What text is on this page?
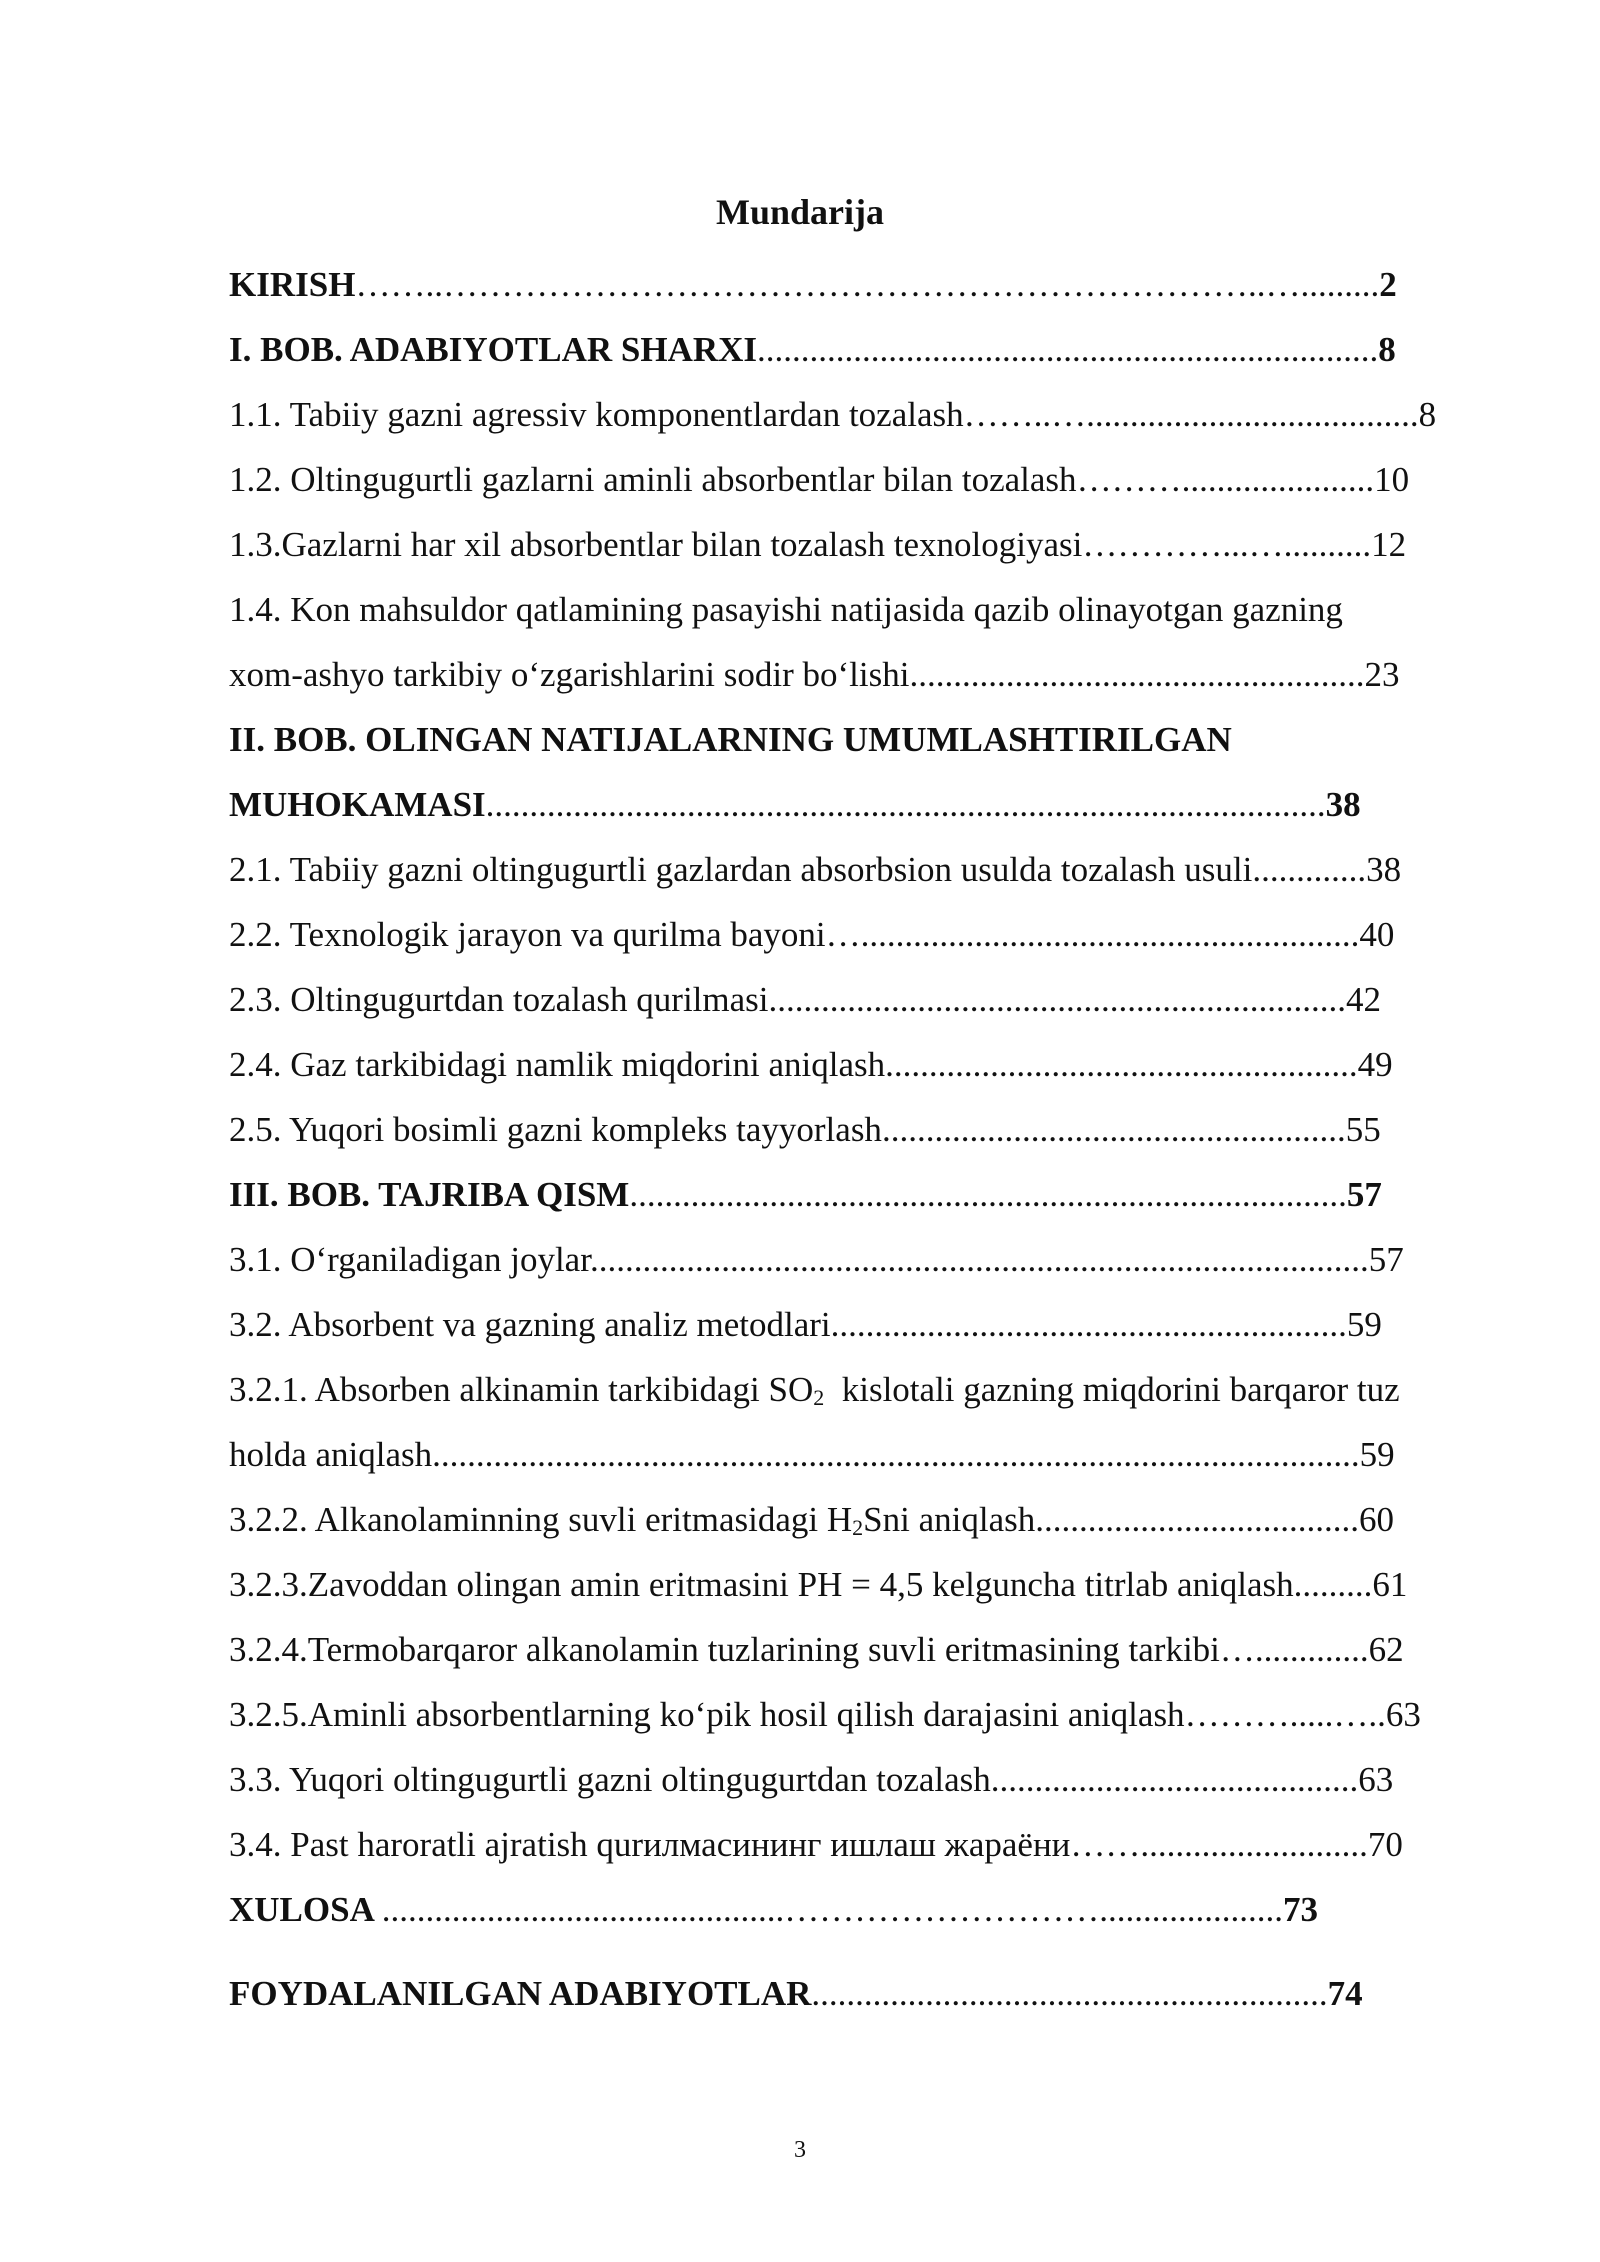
Mundarija
KIRISH……..……………………………………………………………..….........2
I. BOB. ADABIYOTLAR SHARXI.......................................................................8
1.1. Tabiiy gazni agressiv komponentlardan tozalash……..…......................................8
1.2. Oltingugurtli gazlarni aminli absorbentlar bilan tozalash………......................10
1.3.Gazlarni har xil absorbentlar bilan tozalash texnologiyasi…………...…..........12
1.4. Kon mahsuldor qatlamining pasayishi natijasida qazib olinayotgan gazning
xom-ashyo tarkibiy oʻzgarishlarini sodir boʻlishi....................................................23
II. BOB. OLINGAN NATIJALARNING UMUMLASHTIRILGAN
MUHOKAMASI................................................................................................38
2.1. Tabiiy gazni oltingugurtli gazlardan absorbsion usulda tozalash usuli.............38
2.2. Texnologik jarayon va qurilma bayoni….........................................................40
2.3. Oltingugurtdan tozalash qurilmasi..................................................................42
2.4. Gaz tarkibidagi namlik miqdorini aniqlash......................................................49
2.5. Yuqori bosimli gazni kompleks tayyorlash.....................................................55
III. BOB. TAJRIBA QISM..................................................................................57
3.1. Oʻrganiladigan joylar.........................................................................................57
3.2. Absorbent va gazning analiz metodlari...........................................................59
3.2.1. Absorben alkinamin tarkibidagi $SO_2$  kislotali gazning miqdorini barqaror tuz
holda aniqlash..........................................................................................................59
3.2.2. Alkanolaminning suvli eritmasidagi $H_2Sni$ aniqlash.....................................60
3.2.3.Zavoddan olingan amin eritmasini PH = 4,5 kelguncha titrlab aniqlash.........61
3.2.4.Termobarqaror alkanolamin tuzlarining suvli eritmasining tarkibi….............62
3.2.5.Aminli absorbentlarning koʻpik hosil qilish darajasini aniqlash……….....…..63
3.3. Yuqori oltingugurtli gazni oltingugurtdan tozalash..........................................63
3.4. Past haroratli ajratish qurилмасининг ишлаш жараёни……..........................70
XULOSA ..............................................……………………….....................73
FOYDALANILGAN ADABIYOTLAR...........................................................74
3
